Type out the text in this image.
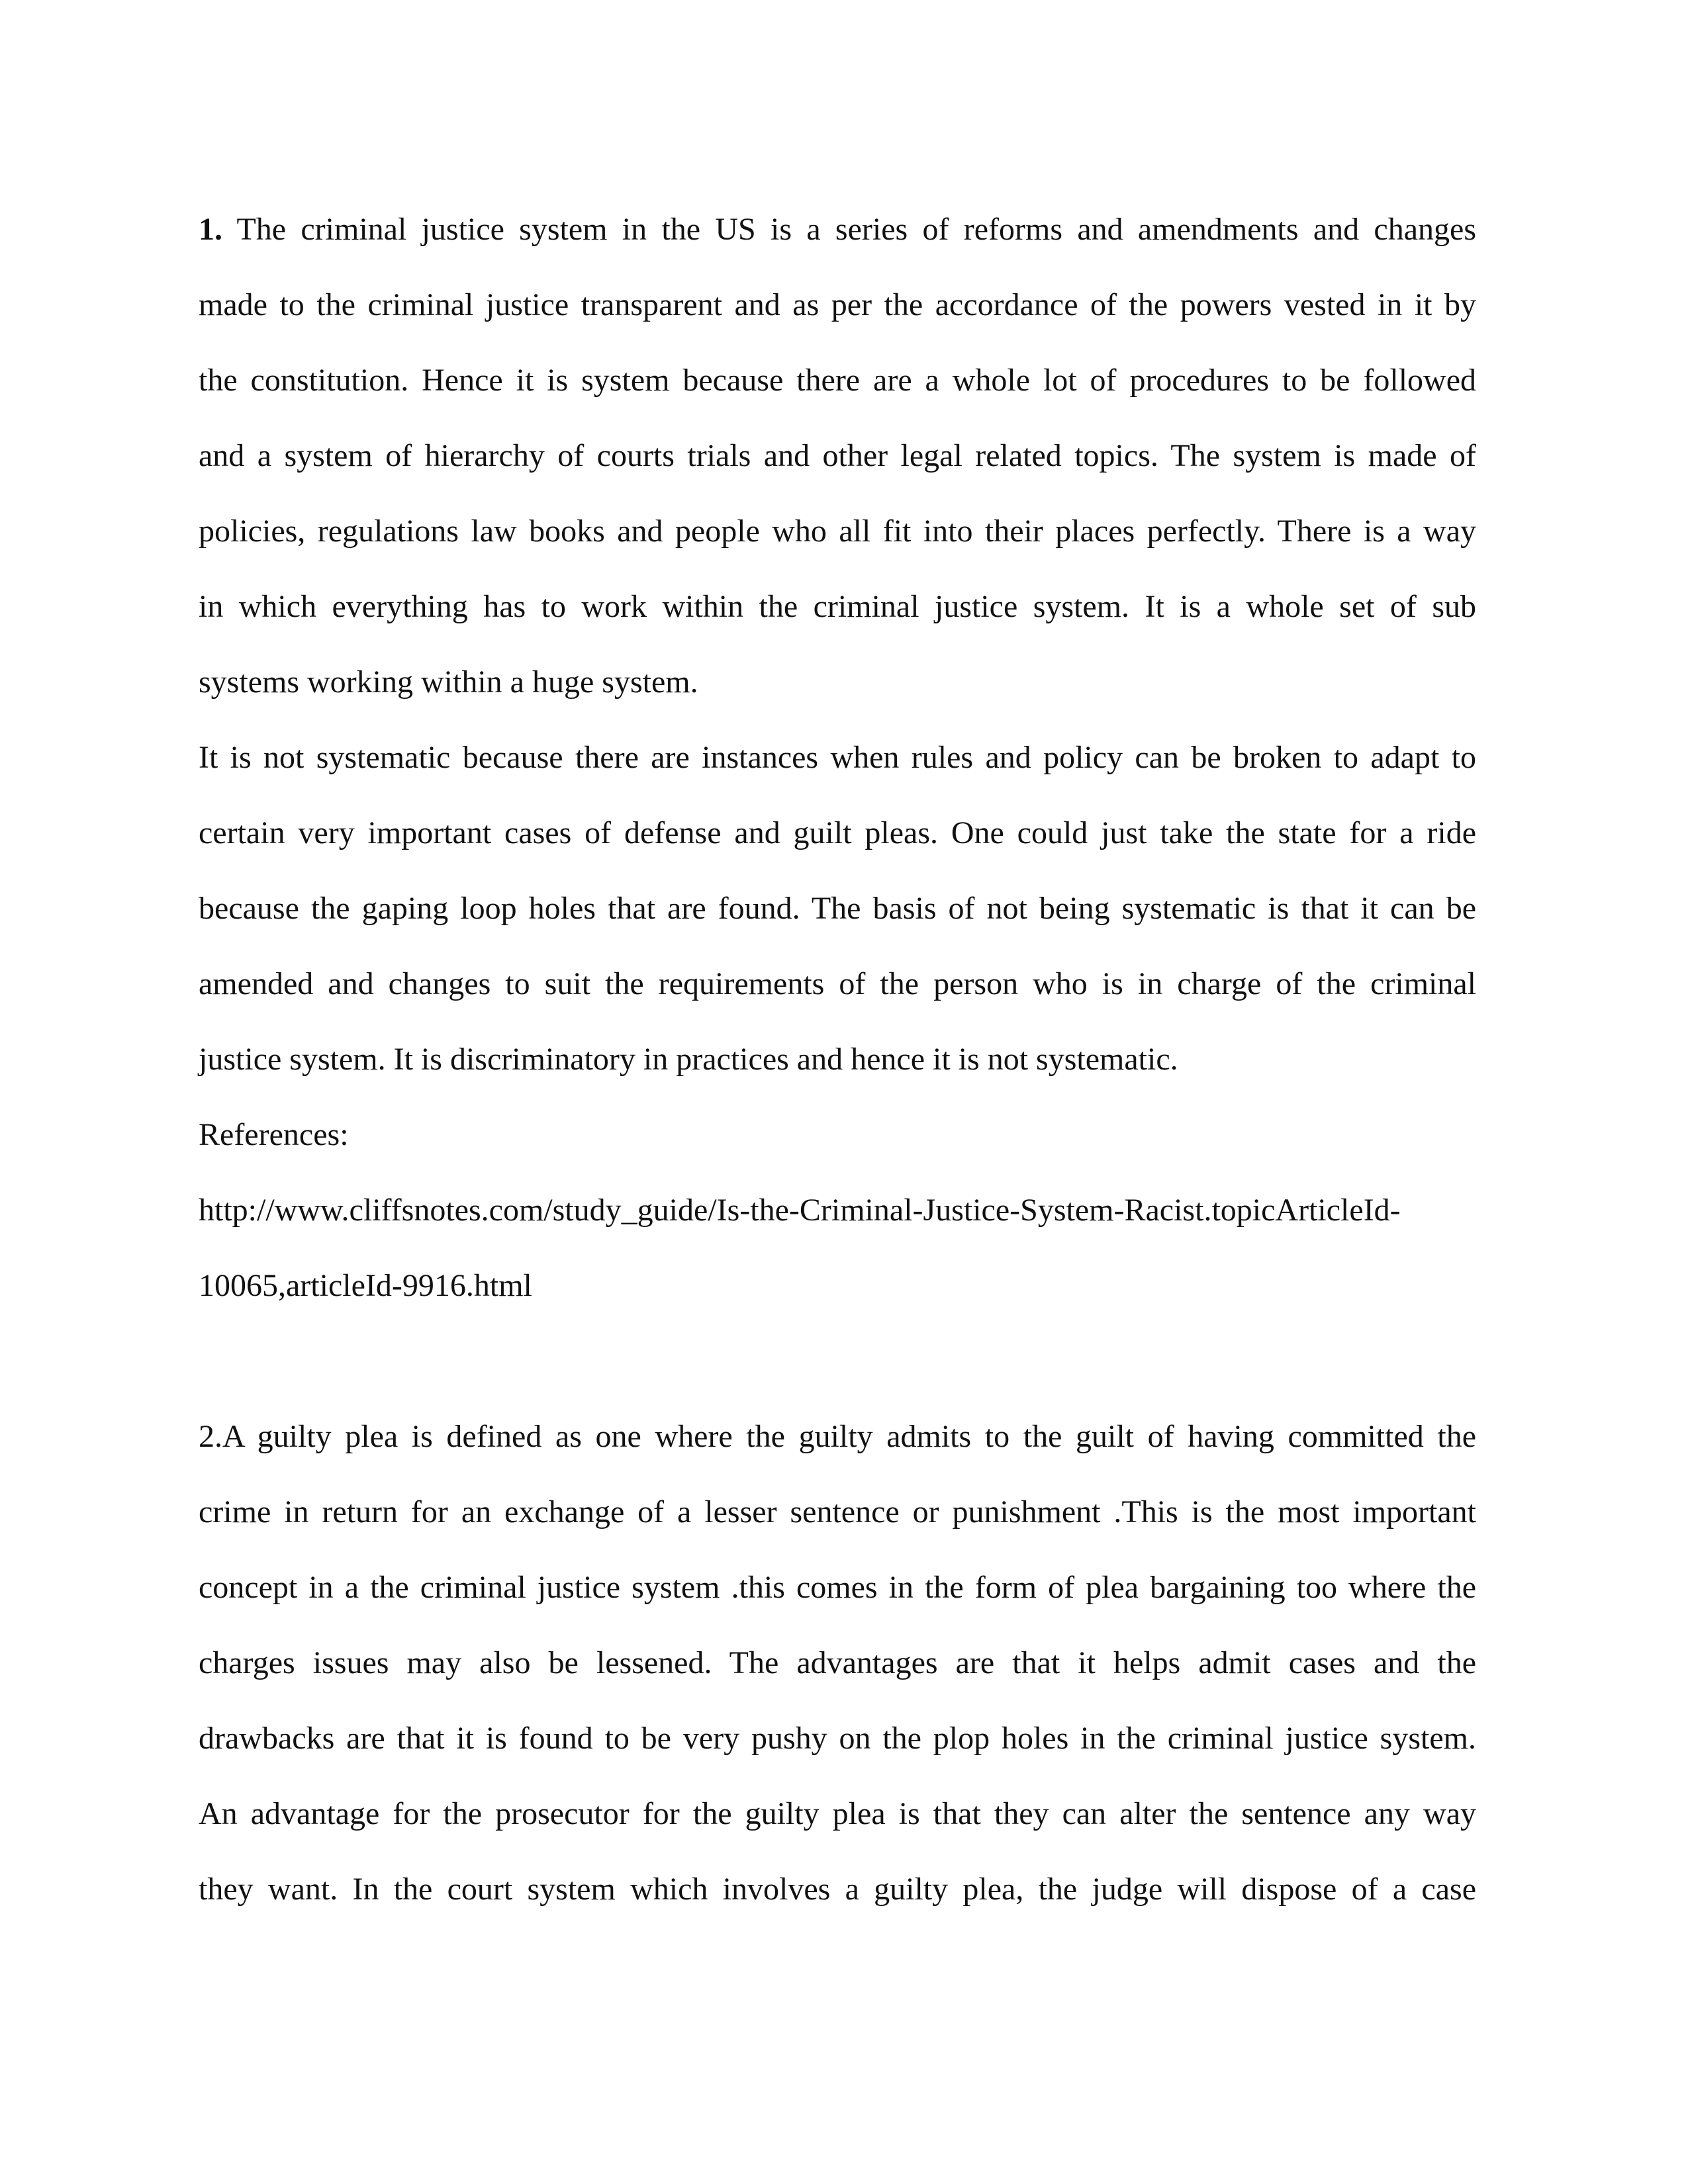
1. The criminal justice system in the US is a series of reforms and amendments and changes
made to the criminal justice transparent and as per the accordance of the powers vested in it by
the constitution. Hence it is system because there are a whole lot of procedures to be followed
and a system of hierarchy of courts trials and other legal related topics. The system is made of
policies, regulations law books and people who all fit into their places perfectly. There is a way
in which everything has to work within the criminal justice system. It is a whole set of sub
systems working within a huge system.
It is not systematic because there are instances when rules and policy can be broken to adapt to
certain very important cases of defense and guilt pleas. One could just take the state for a ride
because the gaping loop holes that are found. The basis of not being systematic is that it can be
amended and changes to suit the requirements of the person who is in charge of the criminal
justice system. It is discriminatory in practices and hence it is not systematic.
References:
http://www.cliffsnotes.com/study_guide/Is-the-Criminal-Justice-System-Racist.topicArticleId-
10065,articleId-9916.html
2.A guilty plea is defined as one where the guilty admits to the guilt of having committed the
crime in return for an exchange of a lesser sentence or punishment .This is the most important
concept in a the criminal justice system .this comes in the form of plea bargaining too where the
charges issues may also be lessened. The advantages are that it helps admit cases and the
drawbacks are that it is found to be very pushy on the plop holes in the criminal justice system.
An advantage for the prosecutor for the guilty plea is that they can alter the sentence any way
they want. In the court system which involves a guilty plea, the judge will dispose of a case
